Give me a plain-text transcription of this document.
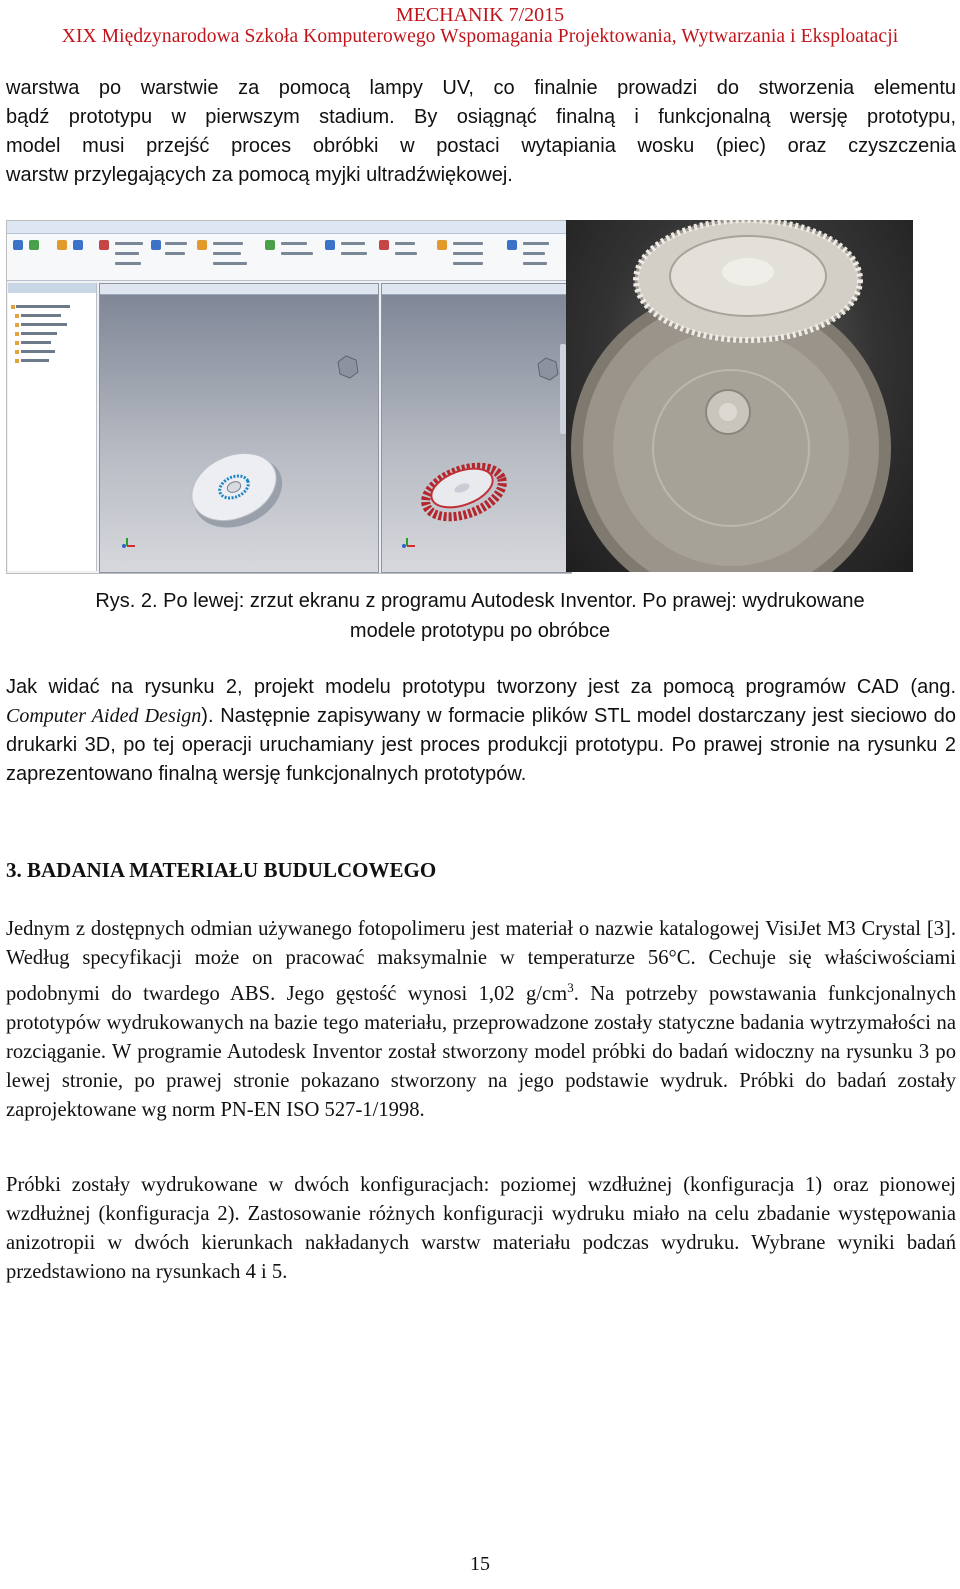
MECHANIK 7/2015
XIX Międzynarodowa Szkoła Komputerowego Wspomagania Projektowania, Wytwarzania i Eksploatacji
warstwa po warstwie za pomocą lampy UV, co finalnie prowadzi do stworzenia elementu
bądź prototypu w pierwszym stadium. By osiągnąć finalną i funkcjonalną wersję prototypu,
model musi przejść proces obróbki w postaci wytapiania wosku (piec) oraz czyszczenia
warstw przylegających za pomocą myjki ultradźwiękowej.
Rys. 2. Po lewej: zrzut ekranu z programu Autodesk Inventor. Po prawej: wydrukowane
modele prototypu po obróbce

Jak widać na rysunku 2, projekt modelu prototypu tworzony jest za pomocą programów CAD (ang. Computer Aided Design). Następnie zapisywany w formacie plików STL model dostarczany jest sieciowo do drukarki 3D, po tej operacji uruchamiany jest proces produkcji prototypu. Po prawej stronie na rysunku 2 zaprezentowano finalną wersję funkcjonalnych prototypów.

3. BADANIA MATERIAŁU BUDULCOWEGO

Jednym z dostępnych odmian używanego fotopolimeru jest materiał o nazwie katalogowej VisiJet M3 Crystal [3]. Według specyfikacji może on pracować maksymalnie w temperaturze 56°C. Cechuje się właściwościami podobnymi do twardego ABS. Jego gęstość wynosi 1,02 $g/cm^3$. Na potrzeby powstawania funkcjonalnych prototypów wydrukowanych na bazie tego materiału, przeprowadzone zostały statyczne badania wytrzymałości na rozciąganie. W programie Autodesk Inventor został stworzony model próbki do badań widoczny na rysunku 3 po lewej stronie, po prawej stronie pokazano stworzony na jego podstawie wydruk. Próbki do badań zostały zaprojektowane wg norm PN-EN ISO 527-1/1998.

Próbki zostały wydrukowane w dwóch konfiguracjach: poziomej wzdłużnej (konfiguracja 1) oraz pionowej wzdłużnej (konfiguracja 2). Zastosowanie różnych konfiguracji wydruku miało na celu zbadanie występowania anizotropii w dwóch kierunkach nakładanych warstw materiału podczas wydruku. Wybrane wyniki badań przedstawiono na rysunkach 4 i 5.

15
